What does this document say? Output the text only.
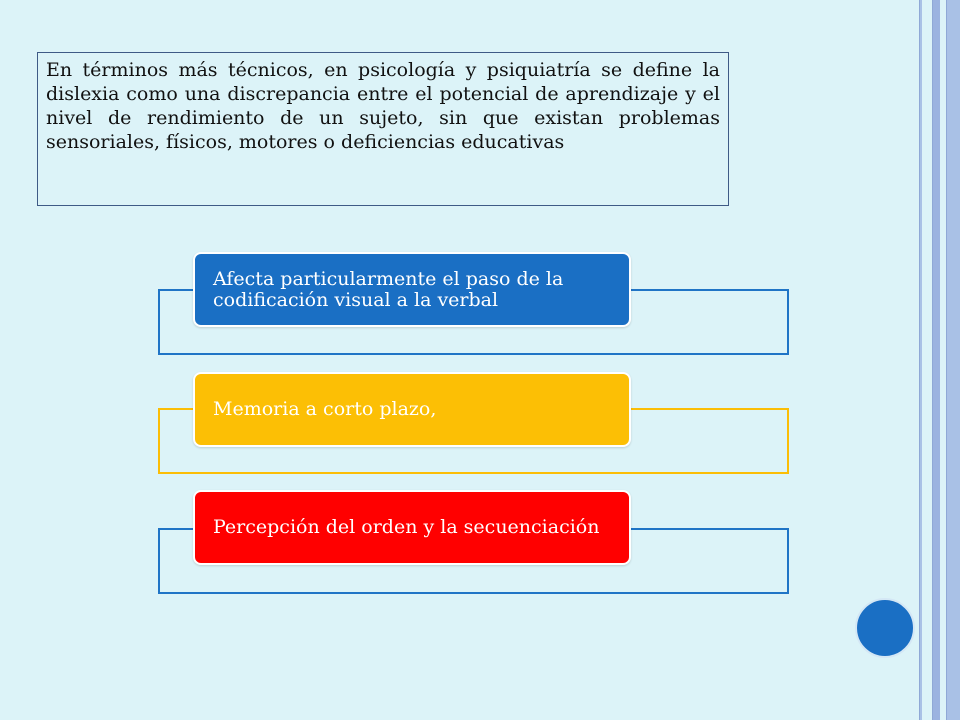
En términos más técnicos, en psicología y psiquiatría se define la dislexia como una discrepancia entre el potencial de aprendizaje y el nivel de rendimiento de un sujeto, sin que existan problemas sensoriales, físicos, motores o deficiencias educativas
Afecta particularmente el paso de la codificación visual a la verbal
Memoria a corto plazo,
Percepción del orden y la secuenciación
